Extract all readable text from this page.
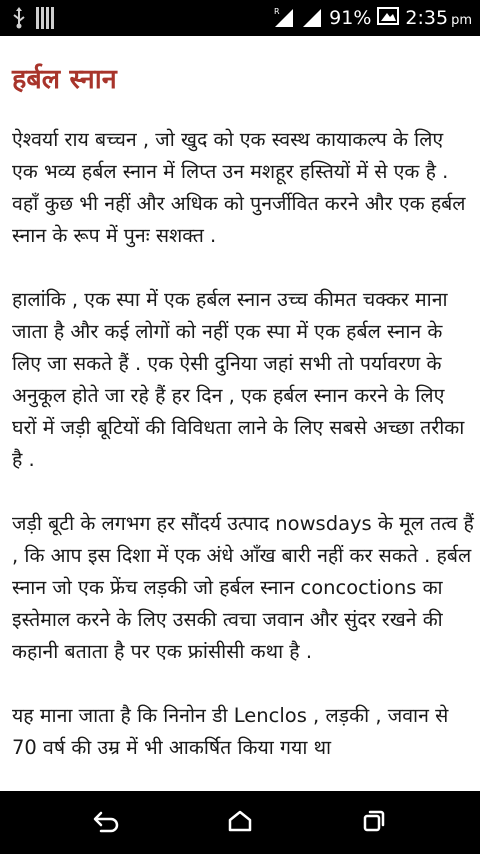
R	91% 2:35 pm
हर्बल स्नान

ऐश्वर्या राय बच्चन , जो खुद को एक स्वस्थ कायाकल्प के लिए एक भव्य हर्बल स्नान में लिप्त उन मशहूर हस्तियों में से एक है . वहाँ कुछ भी नहीं और अधिक को पुनर्जीवित करने और एक हर्बल स्नान के रूप में पुनः सशक्त .

हालांकि , एक स्पा में एक हर्बल स्नान उच्च कीमत चक्कर माना जाता है और कई लोगों को नहीं एक स्पा में एक हर्बल स्नान के लिए जा सकते हैं . एक ऐसी दुनिया जहां सभी तो पर्यावरण के अनुकूल होते जा रहे हैं हर दिन , एक हर्बल स्नान करने के लिए घरों में जड़ी बूटियों की विविधता लाने के लिए सबसे अच्छा तरीका है .

जड़ी बूटी के लगभग हर सौंदर्य उत्पाद nowsdays के मूल तत्व हैं , कि आप इस दिशा में एक अंधे आँख बारी नहीं कर सकते . हर्बल स्नान जो एक फ्रेंच लड़की जो हर्बल स्नान concoctions का इस्तेमाल करने के लिए उसकी त्वचा जवान और सुंदर रखने की कहानी बताता है पर एक फ्रांसीसी कथा है .

यह माना जाता है कि निनोन डी Lenclos , लड़की , जवान से 70 वर्ष की उम्र में भी आकर्षित किया गया था
